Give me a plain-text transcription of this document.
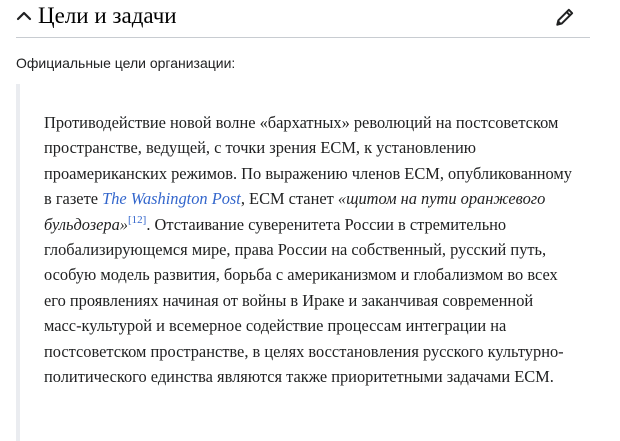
Цели и задачи
Официальные цели организации:

Противодействие новой волне «бархатных» революций на постсоветском пространстве, ведущей, с точки зрения ЕСМ, к установлению проамериканских режимов. По выражению членов ЕСМ, опубликованному в газете The Washington Post, ЕСМ станет «щитом на пути оранжевого бульдозера»[12]. Отстаивание суверенитета России в стремительно глобализирующемся мире, права России на собственный, русский путь, особую модель развития, борьба с американизмом и глобализмом во всех его проявлениях начиная от войны в Ираке и заканчивая современной масс-культурой и всемерное содействие процессам интеграции на постсоветском пространстве, в целях восстановления русского культурно-политического единства являются также приоритетными задачами ЕСМ.
